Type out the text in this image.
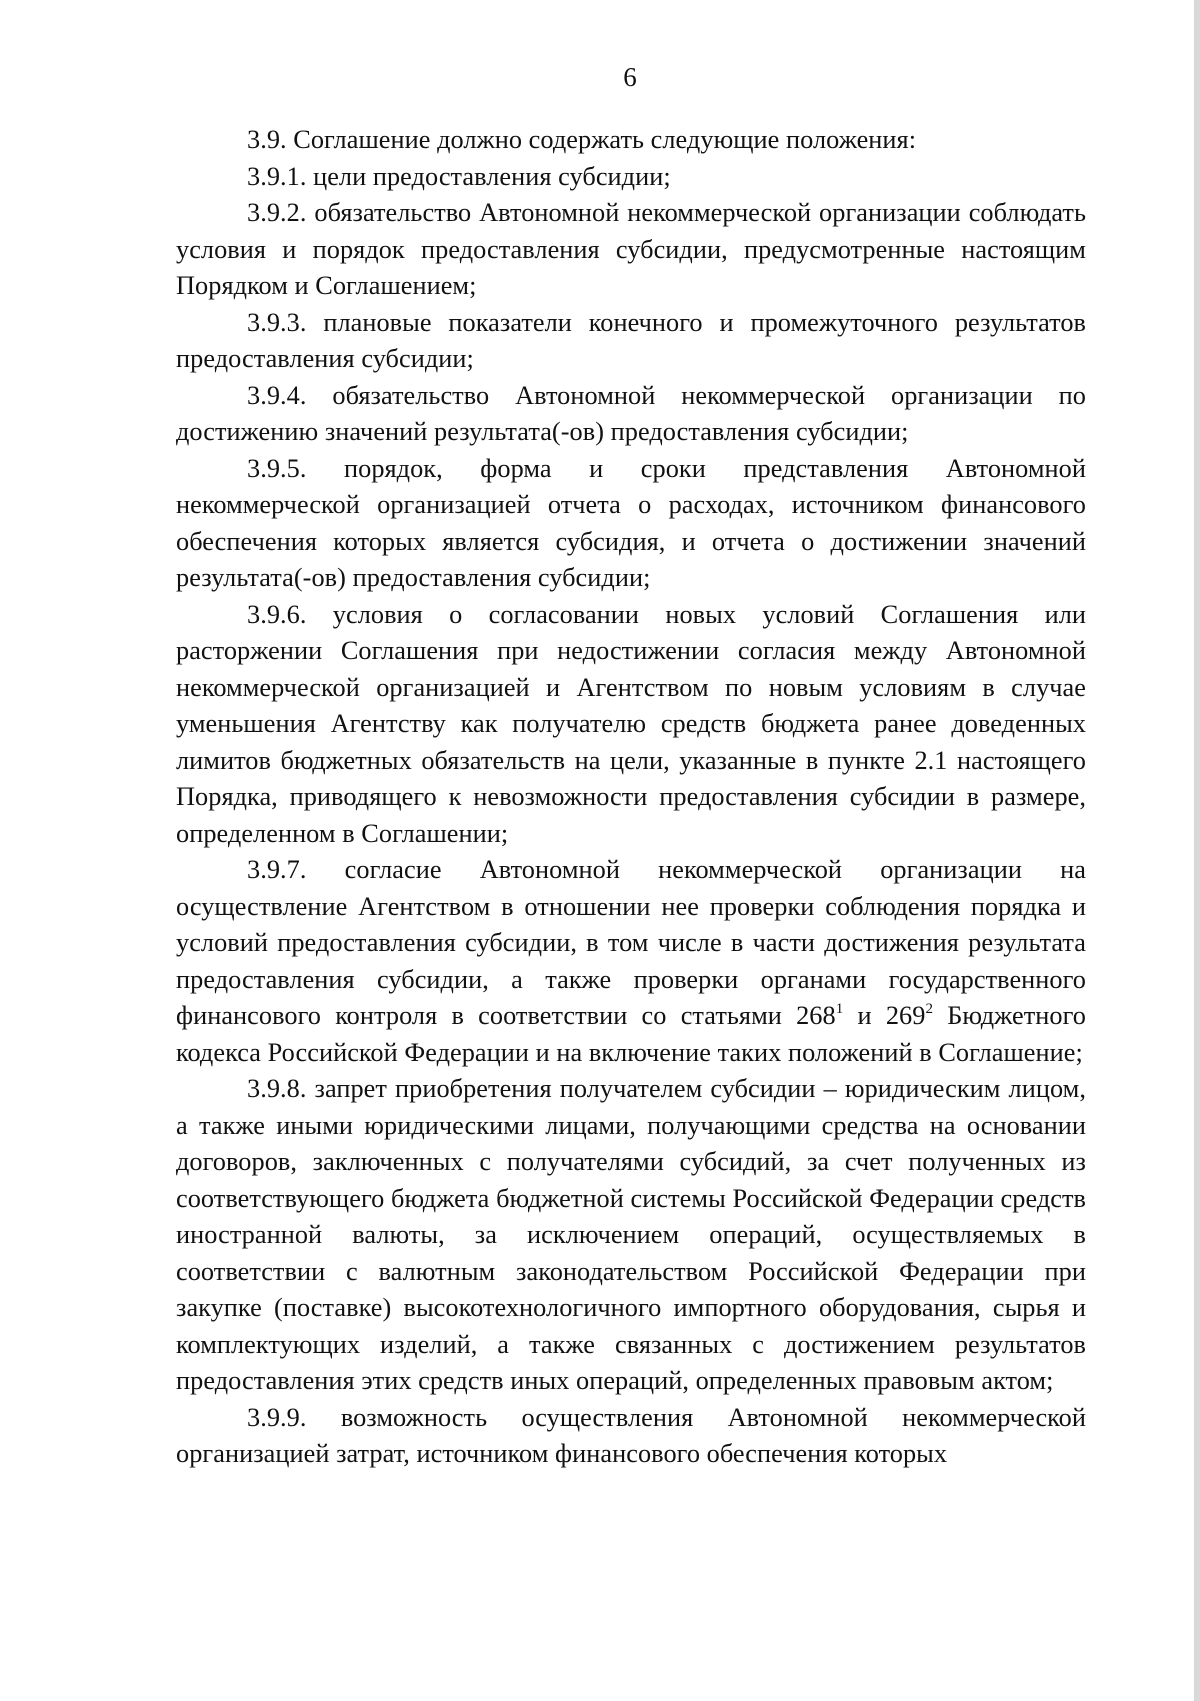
6

3.9. Соглашение должно содержать следующие положения:

3.9.1. цели предоставления субсидии;

3.9.2. обязательство Автономной некоммерческой организации соблюдать условия и порядок предоставления субсидии, предусмотренные настоящим Порядком и Соглашением;

3.9.3. плановые показатели конечного и промежуточного результатов предоставления субсидии;

3.9.4. обязательство Автономной некоммерческой организации по достижению значений результата(-ов) предоставления субсидии;

3.9.5. порядок, форма и сроки представления Автономной некоммерческой организацией отчета о расходах, источником финансового обеспечения которых является субсидия, и отчета о достижении значений результата(-ов) предоставления субсидии;

3.9.6. условия о согласовании новых условий Соглашения или расторжении Соглашения при недостижении согласия между Автономной некоммерческой организацией и Агентством по новым условиям в случае уменьшения Агентству как получателю средств бюджета ранее доведенных лимитов бюджетных обязательств на цели, указанные в пункте 2.1 настоящего Порядка, приводящего к невозможности предоставления субсидии в размере, определенном в Соглашении;

3.9.7. согласие Автономной некоммерческой организации на осуществление Агентством в отношении нее проверки соблюдения порядка и условий предоставления субсидии, в том числе в части достижения результата предоставления субсидии, а также проверки органами государственного финансового контроля в соответствии со статьями $268^1$ и $269^2$ Бюджетного кодекса Российской Федерации и на включение таких положений в Соглашение;

3.9.8. запрет приобретения получателем субсидии – юридическим лицом, а также иными юридическими лицами, получающими средства на основании договоров, заключенных с получателями субсидий, за счет полученных из соответствующего бюджета бюджетной системы Российской Федерации средств иностранной валюты, за исключением операций, осуществляемых в соответствии с валютным законодательством Российской Федерации при закупке (поставке) высокотехнологичного импортного оборудования, сырья и комплектующих изделий, а также связанных с достижением результатов предоставления этих средств иных операций, определенных правовым актом;

3.9.9. возможность осуществления Автономной некоммерческой организацией затрат, источником финансового обеспечения которых
